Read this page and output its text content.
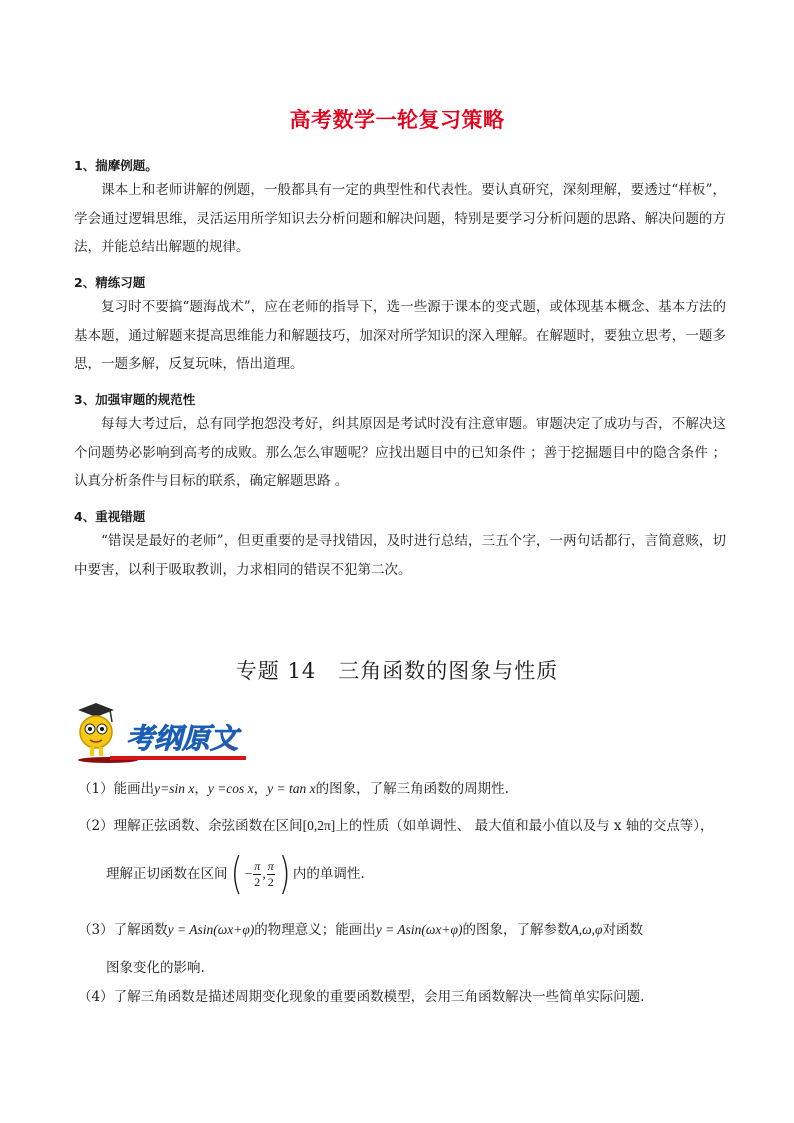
高考数学一轮复习策略

1、揣摩例题。

课本上和老师讲解的例题，一般都具有一定的典型性和代表性。要认真研究，深刻理解，要透过“样板”，学会通过逻辑思维，灵活运用所学知识去分析问题和解决问题，特别是要学习分析问题的思路、解决问题的方法，并能总结出解题的规律。

2、精练习题

复习时不要搞“题海战术”，应在老师的指导下，选一些源于课本的变式题，或体现基本概念、基本方法的基本题，通过解题来提高思维能力和解题技巧，加深对所学知识的深入理解。在解题时，要独立思考，一题多思，一题多解，反复玩味，悟出道理。

3、加强审题的规范性

每每大考过后，总有同学抱怨没考好，纠其原因是考试时没有注意审题。审题决定了成功与否，不解决这个问题势必影响到高考的成败。那么怎么审题呢？应找出题目中的已知条件 ；善于挖掘题目中的隐含条件 ；认真分析条件与目标的联系，确定解题思路 。

4、重视错题

“错误是最好的老师”，但更重要的是寻找错因，及时进行总结，三五个字，一两句话都行，言简意赅，切中要害，以利于吸取教训，力求相同的错误不犯第二次。

专题 14　三角函数的图象与性质
考纲原文
（1）能画出y=sin x，y =cos x，y = tan x的图象，了解三角函数的周期性.
（2）理解正弦函数、余弦函数在区间[0,2π]上的性质（如单调性、 最大值和最小值以及与 x 轴的交点等），
理解正切函数在区间 ( − $\frac{\pi}{2}$ , $\frac{\pi}{2}$ ) 内的单调性.
（3）了解函数y = Asin(ωx+φ)的物理意义；能画出y = Asin(ωx+φ)的图象，了解参数A,ω,φ对函数
图象变化的影响.
（4）了解三角函数是描述周期变化现象的重要函数模型，会用三角函数解决一些简单实际问题.
